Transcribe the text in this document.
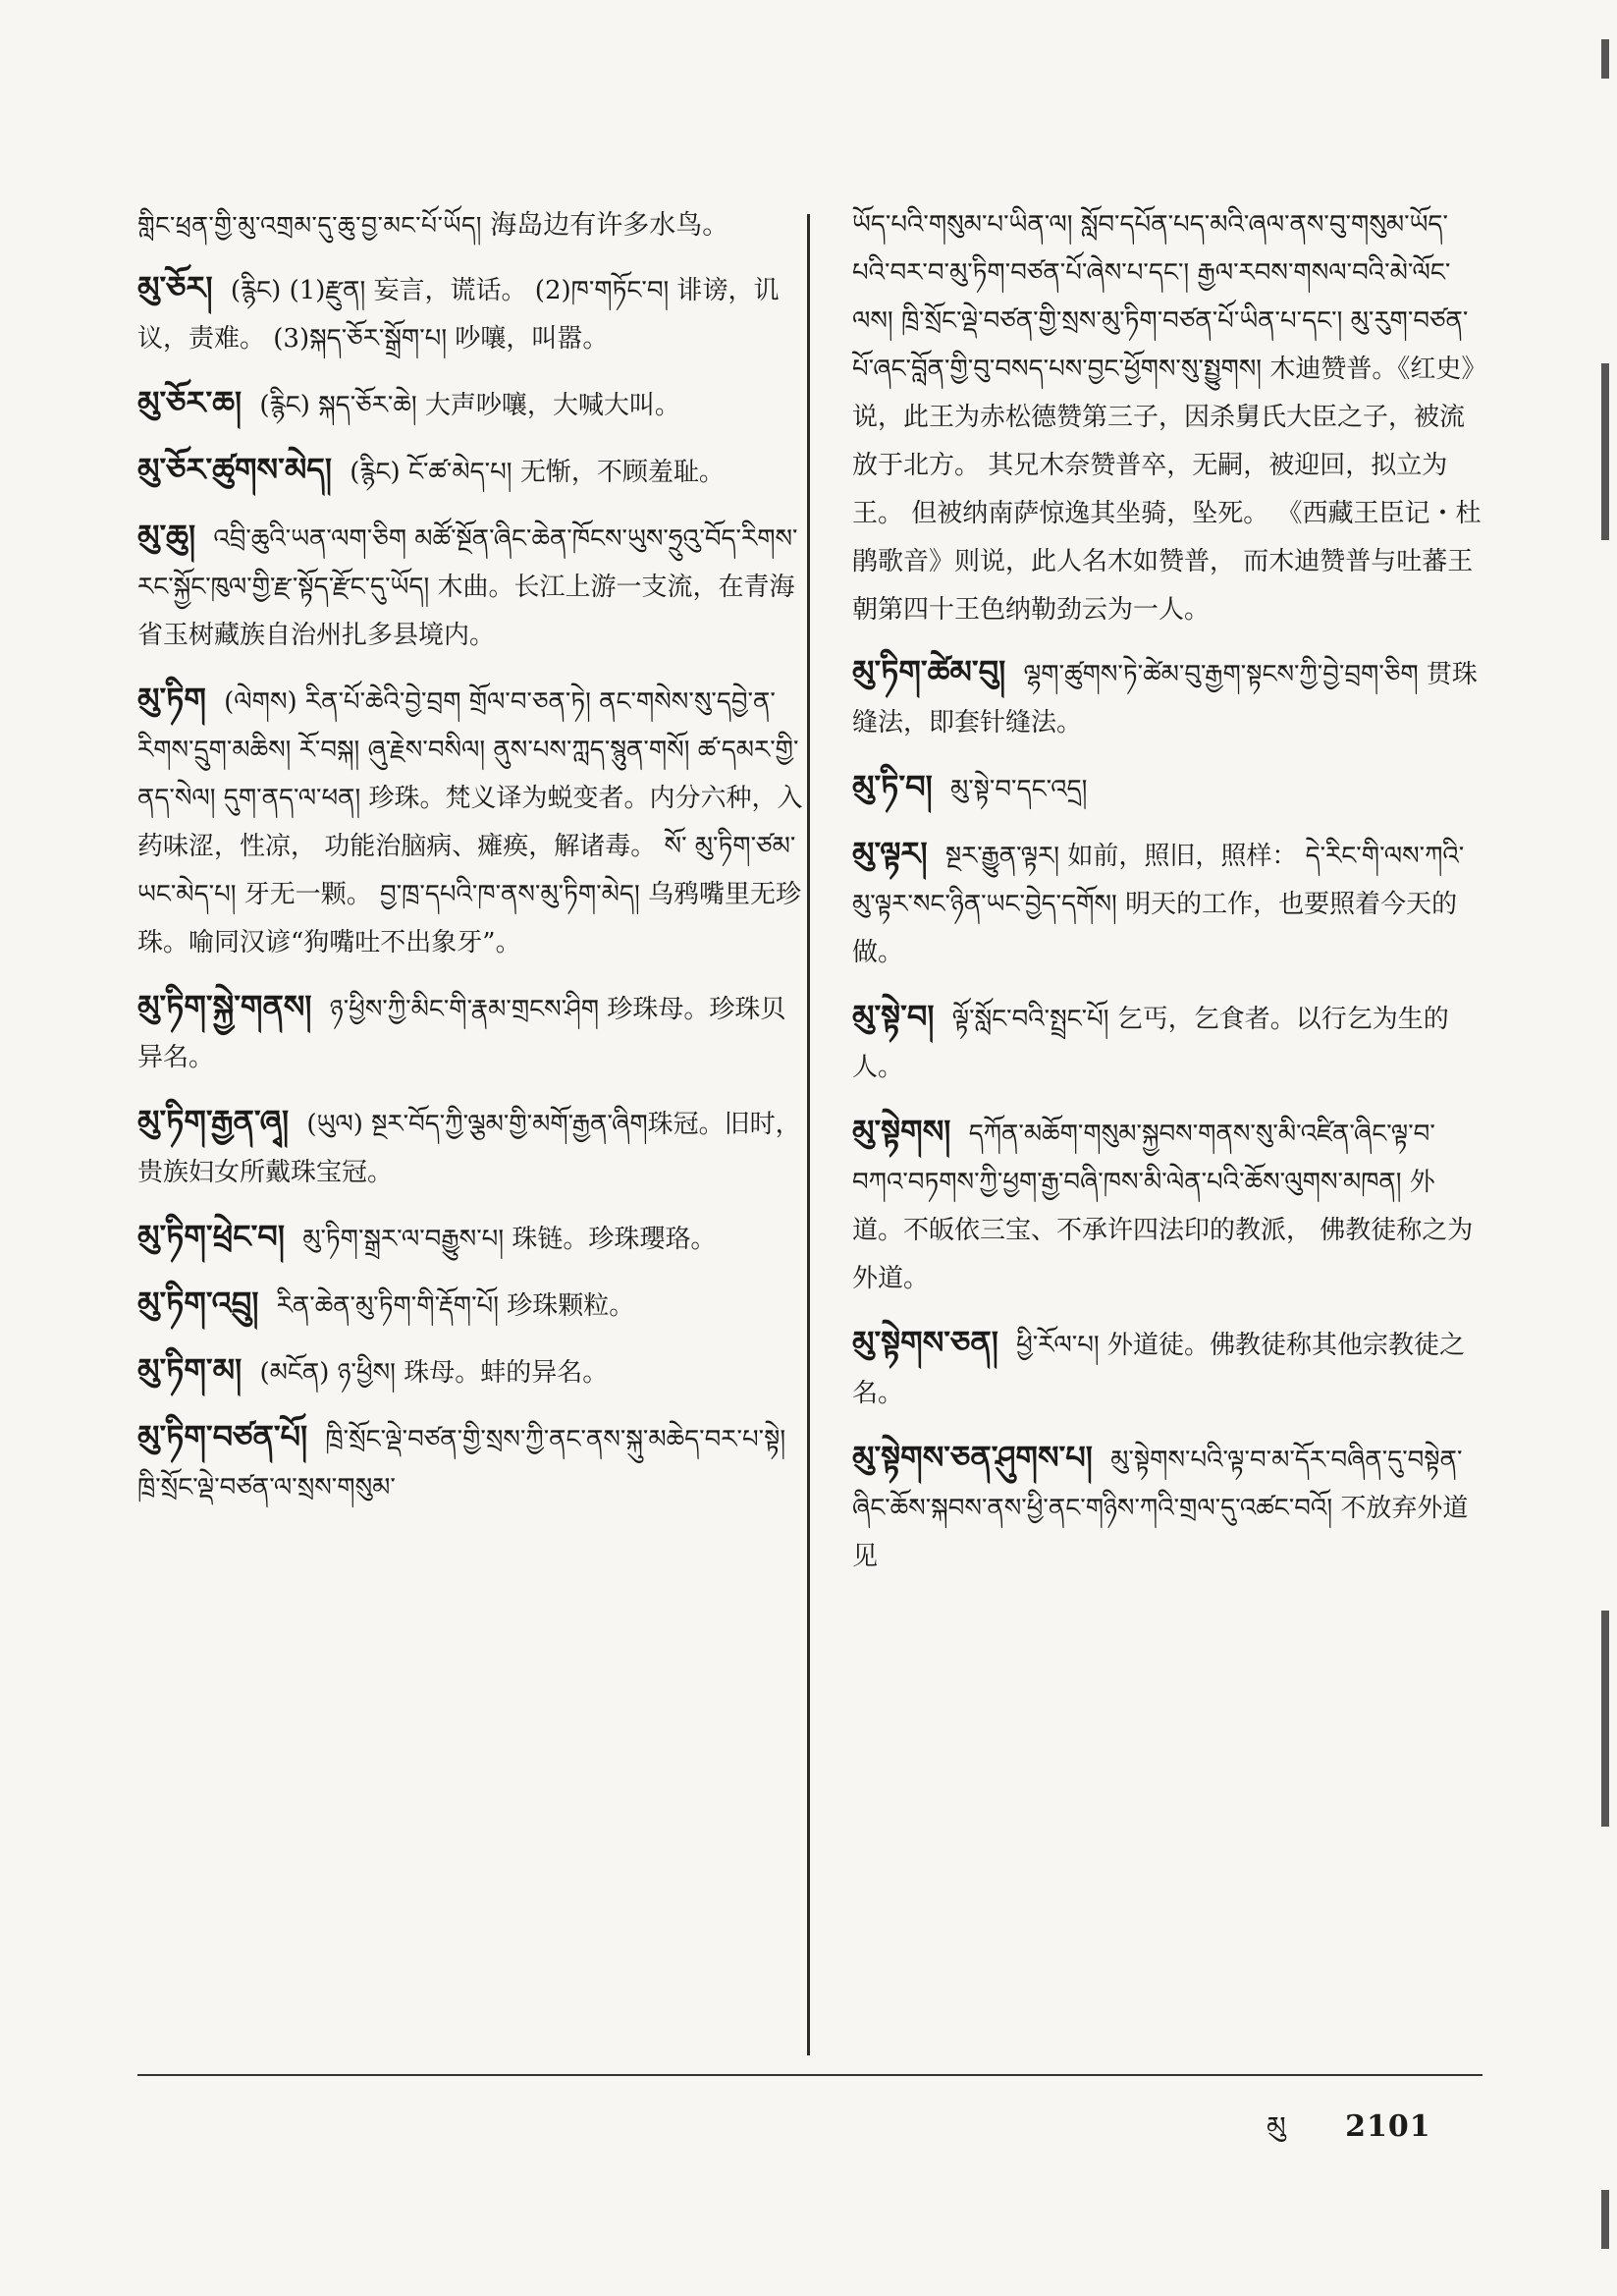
གླིང་ཕྲན་གྱི་མུ་འགྲམ་དུ་ཆུ་བྱ་མང་པོ་ཡོད། 海岛边有许多水鸟。

མུ་ཅོར། (རྙིང) (1)རྫུན། 妄言，谎话。 (2)ཁ་གཏོང་བ། 诽谤，讥议，责难。 (3)སྐད་ཅོར་སྒྲོག་པ། 吵嚷，叫嚣。

མུ་ཅོར་ཆ། (རྙིང) སྐད་ཅོར་ཆེ། 大声吵嚷，大喊大叫。

མུ་ཅོར་ཚུགས་མེད། (རྙིང) ངོ་ཚ་མེད་པ། 无惭，不顾羞耻。

མུ་ཆུ། འབྲི་ཆུའི་ཡན་ལག་ཅིག མཚོ་སྔོན་ཞིང་ཆེན་ཁོངས་ཡུས་ཧྲུའུ་བོད་རིགས་རང་སྐྱོང་ཁུལ་གྱི་རྫ་སྟོད་རྫོང་དུ་ཡོད། 木曲。长江上游一支流，在青海省玉树藏族自治州扎多县境内。

མུ་ཏིག (ལེགས) རིན་པོ་ཆེའི་བྱེ་བྲག གྲོལ་བ་ཅན་ཏེ། ནང་གསེས་སུ་དབྱེ་ན་རིགས་དྲུག་མཆིས། རོ་བསྐ། ཞུ་རྗེས་བསིལ། ནུས་པས་ཀླད་སྙུན་གསོ། ཚ་དམར་གྱི་ནད་སེལ། དུག་ནད་ལ་ཕན། 珍珠。梵义译为蜕变者。内分六种，入药味涩，性凉， 功能治脑病、瘫痪，解诸毒。 སོ་ མུ་ཏིག་ཙམ་ཡང་མེད་པ། 牙无一颗。 བྱ་ཁྲ་དཔའི་ཁ་ནས་མུ་ཏིག་མེད། 乌鸦嘴里无珍珠。喻同汉谚“狗嘴吐不出象牙”。

མུ་ཏིག་སྐྱེ་གནས། ཉ་ཕྱིས་ཀྱི་མིང་གི་རྣམ་གྲངས་ཤིག 珍珠母。珍珠贝异名。

མུ་ཏིག་རྒྱན་ཞྭ། (ཡུལ) སྔར་བོད་ཀྱི་ལྕམ་གྱི་མགོ་རྒྱན་ཞིག珠冠。旧时，贵族妇女所戴珠宝冠。

མུ་ཏིག་ཕྲེང་བ། མུ་ཏིག་སྒྲར་ལ་བརྒྱུས་པ། 珠链。珍珠瓔珞。

མུ་ཏིག་འབྲུ། རིན་ཆེན་མུ་ཏིག་གི་རྡོག་པོ། 珍珠颗粒。

མུ་ཏིག་མ། (མངོན) ཉ་ཕྱིས། 珠母。蚌的异名。

མུ་ཏིག་བཙན་པོ། ཁྲི་སྲོང་ལྡེ་བཙན་གྱི་སྲས་ཀྱི་ནང་ནས་སྐུ་མཆེད་བར་པ་སྟེ། ཁྲི་སྲོང་ལྡེ་བཙན་ལ་སྲས་གསུམ་

ཡོད་པའི་གསུམ་པ་ཡིན་ལ། སློབ་དཔོན་པད་མའི་ཞལ་ནས་བུ་གསུམ་ཡོད་པའི་བར་བ་མུ་ཏིག་བཙན་པོ་ཞེས་པ་དང་། རྒྱལ་རབས་གསལ་བའི་མེ་ལོང་ལས། ཁྲི་སྲོང་ལྡེ་བཙན་གྱི་སྲས་མུ་ཏིག་བཙན་པོ་ཡིན་པ་དང་། མུ་རུག་བཙན་པོ་ཞང་བློན་གྱི་བུ་བསད་པས་བྱང་ཕྱོགས་སུ་སྤྱུགས། 木迪赞普。《红史》说，此王为赤松德赞第三子，因杀舅氏大臣之子，被流放于北方。 其兄木奈赞普卒，无嗣，被迎回，拟立为王。 但被纳南萨惊逸其坐骑，坠死。 《西藏王臣记・杜鹃歌音》则说，此人名木如赞普， 而木迪赞普与吐蕃王朝第四十王色纳勒劲云为一人。

མུ་ཏིག་ཚེམ་བུ། ལྷག་ཚུགས་ཏེ་ཚེམ་བུ་རྒྱག་སྟངས་ཀྱི་བྱེ་བྲག་ཅིག 贯珠缝法，即套针缝法。

མུ་ཏི་བ། མུ་སྟེ་བ་དང་འདྲ།

མུ་ལྟར། སྔར་རྒྱུན་ལྟར། 如前，照旧，照样： དེ་རིང་གི་ལས་ཀའི་མུ་ལྟར་སང་ཉིན་ཡང་བྱེད་དགོས། 明天的工作，也要照着今天的做。

མུ་སྟེ་བ། ལྟོ་སློང་བའི་སྤྲང་པོ། 乞丐，乞食者。以行乞为生的人。

མུ་སྟེགས། དཀོན་མཆོག་གསུམ་སྐྱབས་གནས་སུ་མི་འཛིན་ཞིང་ལྟ་བ་བཀའ་བཏགས་ཀྱི་ཕྱག་རྒྱ་བཞི་ཁས་མི་ལེན་པའི་ཆོས་ལུགས་མཁན། 外道。不皈依三宝、不承许四法印的教派， 佛教徒称之为外道。

མུ་སྟེགས་ཅན། ཕྱི་རོལ་པ། 外道徒。佛教徒称其他宗教徒之名。

མུ་སྟེགས་ཅན་ཤུགས་པ། མུ་སྟེགས་པའི་ལྟ་བ་མ་དོར་བཞིན་དུ་བསྟེན་ཞིང་ཆོས་སྐབས་ནས་ཕྱི་ནང་གཉིས་ཀའི་གྲལ་དུ་འཚང་བའོ། 不放弃外道见

མུ 2101
